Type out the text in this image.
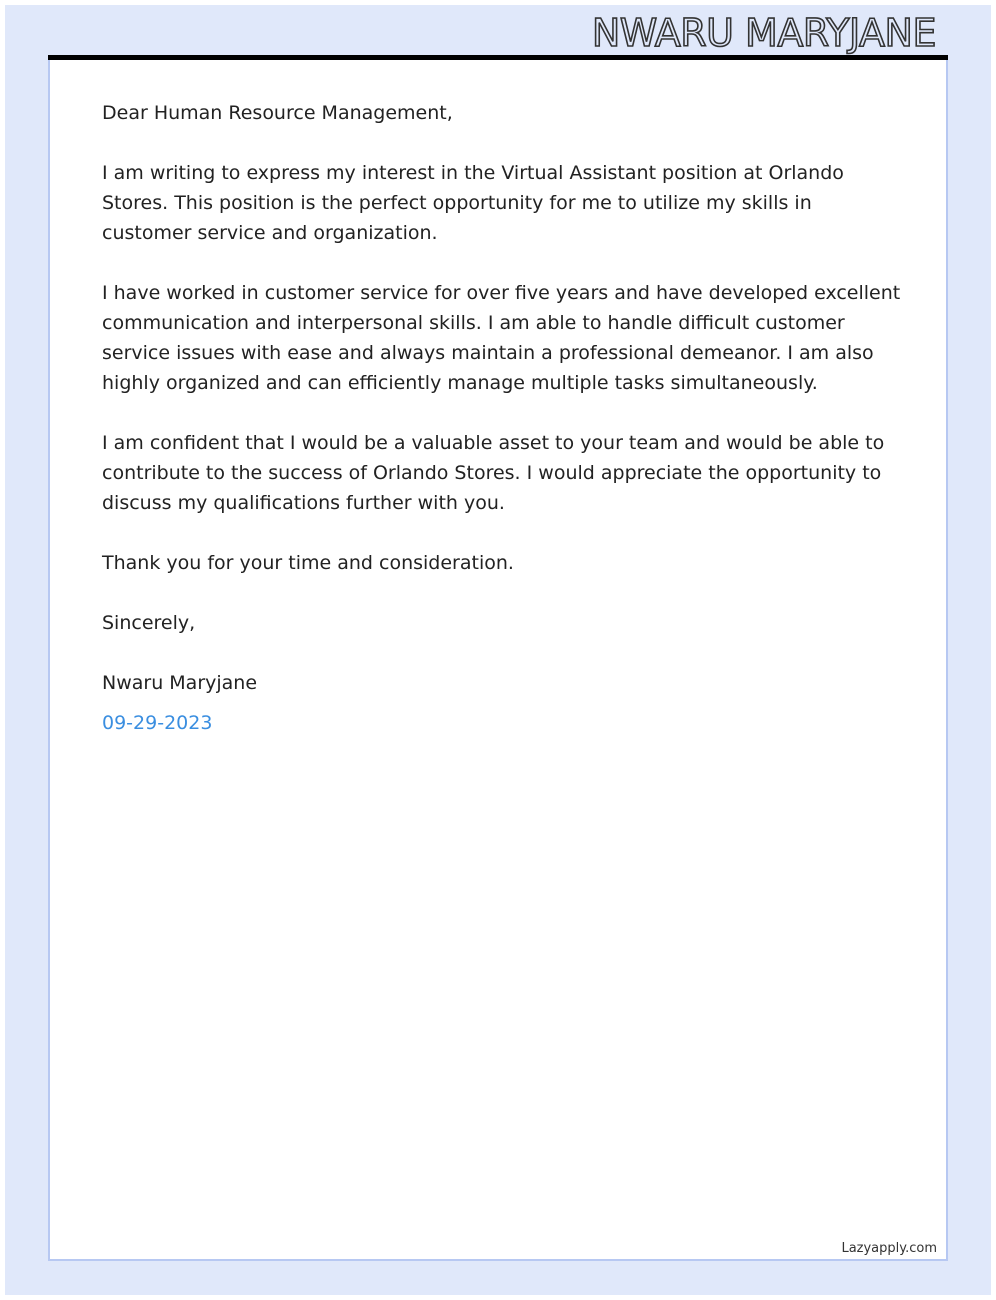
NWARU MARYJANE

Dear Human Resource Management,

I am writing to express my interest in the Virtual Assistant position at Orlando Stores. This position is the perfect opportunity for me to utilize my skills in customer service and organization.

I have worked in customer service for over five years and have developed excellent communication and interpersonal skills. I am able to handle difficult customer service issues with ease and always maintain a professional demeanor. I am also highly organized and can efficiently manage multiple tasks simultaneously.

I am confident that I would be a valuable asset to your team and would be able to contribute to the success of Orlando Stores. I would appreciate the opportunity to discuss my qualifications further with you.

Thank you for your time and consideration.

Sincerely,

Nwaru Maryjane

09-29-2023

Lazyapply.com
